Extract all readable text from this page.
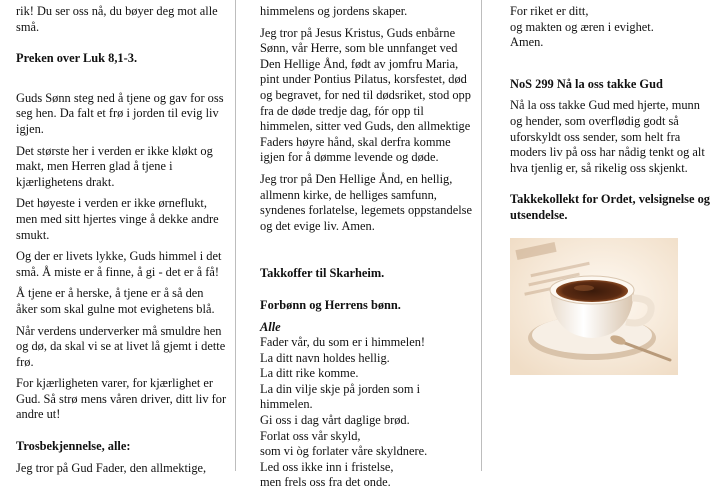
rik! Du ser oss nå, du bøyer deg mot alle små.

Preken over Luk 8,1-3.

Guds Sønn steg ned å tjene og gav for oss seg hen. Da falt et frø i jorden til evig liv igjen.

Det største her i verden er ikke kløkt og makt, men Herren glad å tjene i kjærlighetens drakt.

Det høyeste i verden er ikke ørneflukt, men med sitt hjertes vinge å dekke andre smukt.

Og der er livets lykke, Guds himmel i det små. Å miste er å finne, å gi - det er å få!

Å tjene er å herske, å tjene er å så den åker som skal gulne mot evighetens blå.

Når verdens underverker må smuldre hen og dø, da skal vi se at livet lå gjemt i dette frø.

For kjærligheten varer, for kjærlighet er Gud. Så strø mens våren driver, ditt liv for andre ut!

Trosbekjennelse, alle:

Jeg tror på Gud Fader, den allmektige,

himmelens og jordens skaper.

Jeg tror på Jesus Kristus, Guds enbårne Sønn, vår Herre, som ble unnfanget ved Den Hellige Ånd, født av jomfru Maria, pint under Pontius Pilatus, korsfestet, død og begravet, for ned til dødsriket, stod opp fra de døde tredje dag, fór opp til himmelen, sitter ved Guds, den allmektige Faders høyre hånd, skal derfra komme igjen for å dømme levende og døde.

Jeg tror på Den Hellige Ånd, en hellig, allmenn kirke, de helliges samfunn, syndenes forlatelse, legemets oppstandelse og det evige liv. Amen.

Takkoffer til Skarheim.

Forbønn og Herrens bønn.

Alle
Fader vår, du som er i himmelen!
La ditt navn holdes hellig.
La ditt rike komme.
La din vilje skje på jorden som i
himmelen.
Gi oss i dag vårt daglige brød.
Forlat oss vår skyld,
som vi òg forlater våre skyldnere.
Led oss ikke inn i fristelse,
men frels oss fra det onde.
For riket er ditt,
og makten og æren i evighet.
Amen.

NoS 299 Nå la oss takke Gud

Nå la oss takke Gud med hjerte, munn og hender, som overflødig godt så uforskyldt oss sender, som helt fra moders liv på oss har nådig tenkt og alt hva tjenlig er, så rikelig oss skjenkt.

Takkekollekt for Ordet, velsignelse og utsendelse.
